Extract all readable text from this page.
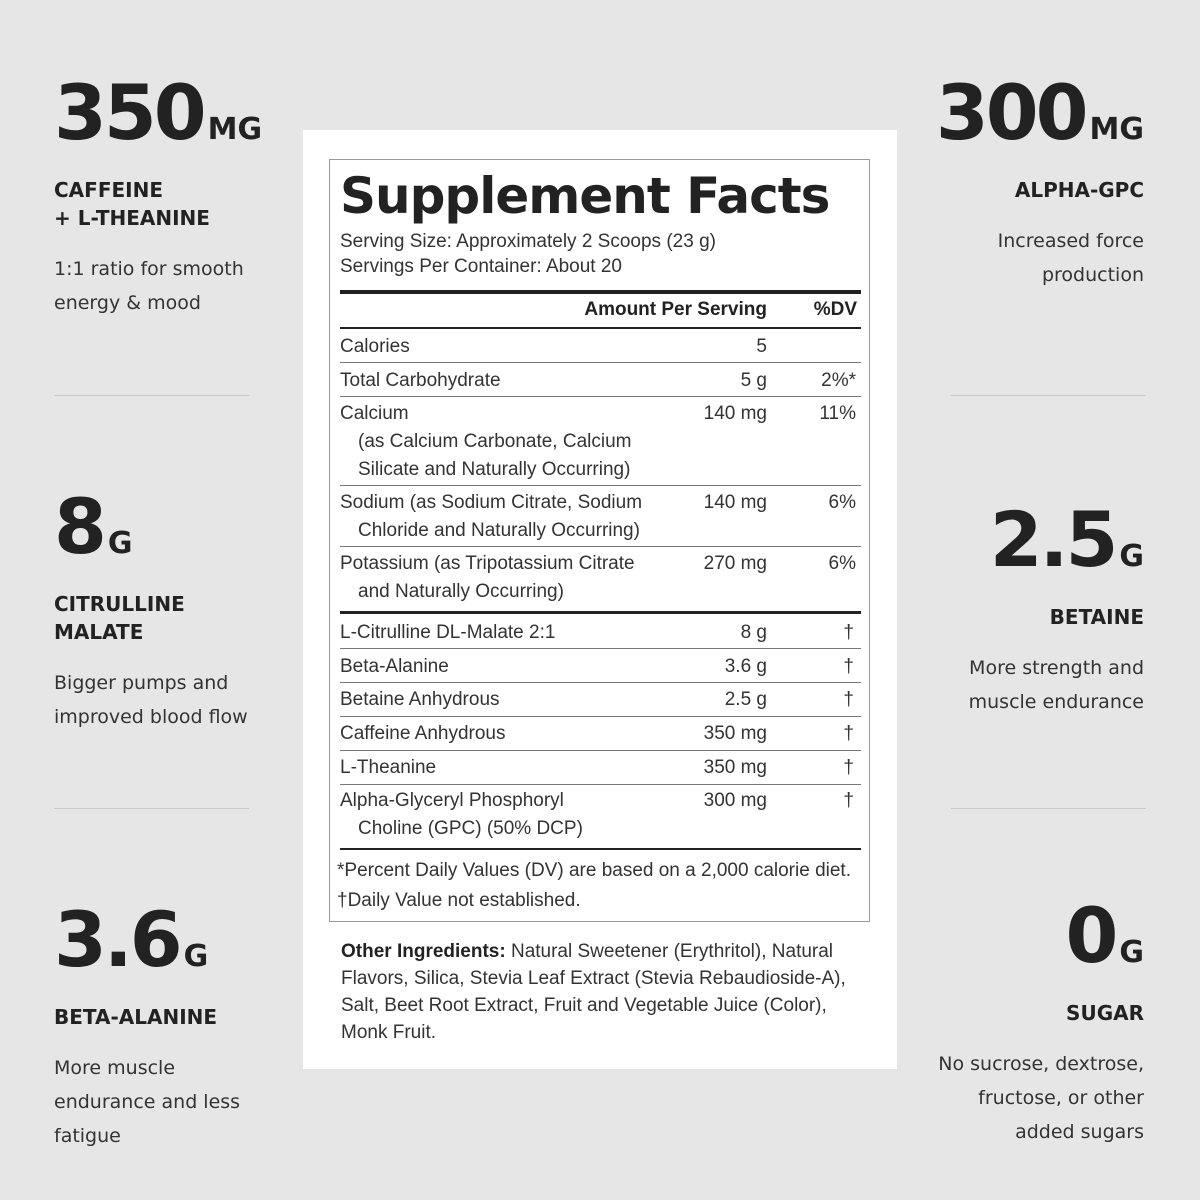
350 MG
CAFFEINE
+ L-THEANINE
1:1 ratio for smooth
energy & mood
8 G
CITRULLINE
MALATE
Bigger pumps and
improved blood flow
3.6 G
BETA-ALANINE
More muscle
endurance and less
fatigue
300 MG
ALPHA-GPC
Increased force
production
2.5 G
BETAINE
More strength and
muscle endurance
0 G
SUGAR
No sucrose, dextrose,
fructose, or other
added sugars
Supplement Facts
Serving Size: Approximately 2 Scoops (23 g)
Servings Per Container: About 20
Amount Per Serving %DV
Calories	5
Total Carbohydrate	5 g	2%*
Calcium
(as Calcium Carbonate, Calcium
Silicate and Naturally Occurring)
140 mg	11%
Sodium (as Sodium Citrate, Sodium
Chloride and Naturally Occurring)
140 mg	6%
Potassium (as Tripotassium Citrate
and Naturally Occurring)
270 mg	6%
L-Citrulline DL-Malate 2:1	8 g	†
Beta-Alanine	3.6 g	†
Betaine Anhydrous	2.5 g	†
Caffeine Anhydrous	350 mg	†
L-Theanine	350 mg	†
Alpha-Glyceryl Phosphoryl
Choline (GPC) (50% DCP)
300 mg	†
*Percent Daily Values (DV) are based on a 2,000 calorie diet.
†Daily Value not established.
Other Ingredients: Natural Sweetener (Erythritol), Natural Flavors, Silica, Stevia Leaf Extract (Stevia Rebaudioside-A), Salt, Beet Root Extract, Fruit and Vegetable Juice (Color), Monk Fruit.
